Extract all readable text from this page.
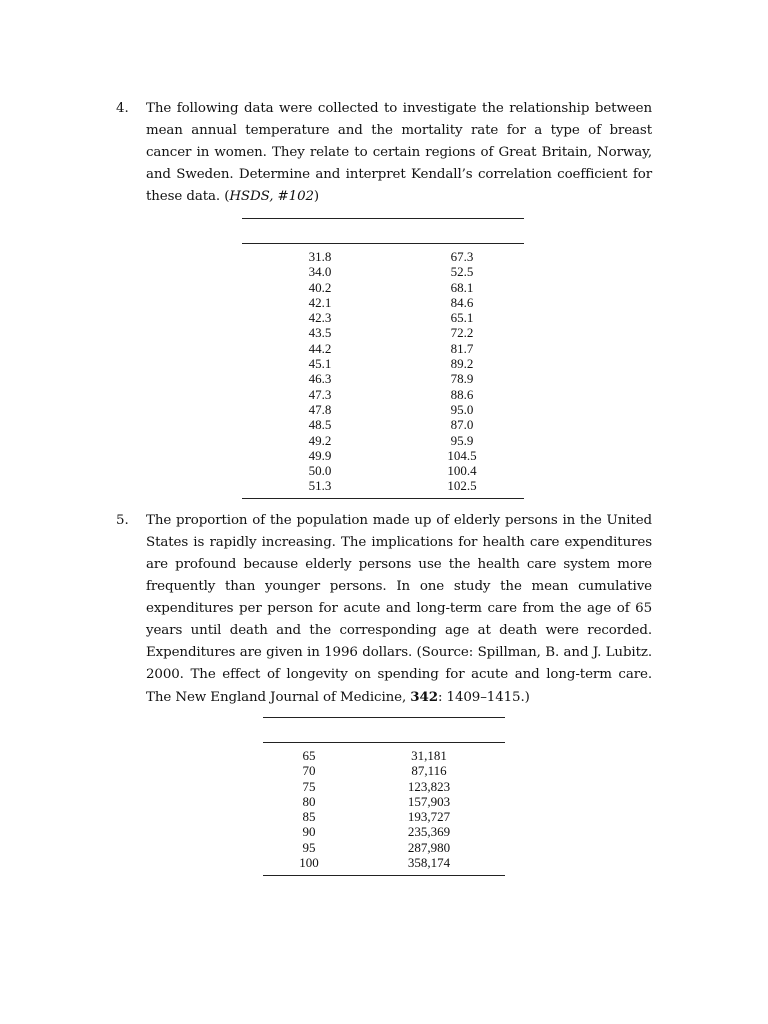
4. The following data were collected to investigate the relationship between mean annual temperature and the mortality rate for a type of breast cancer in women. They relate to certain regions of Great Britain, Norway, and Sweden. Determine and interpret Kendall’s correlation coefficient for these data. (HSDS, #102)
31.8	67.3
34.0	52.5
40.2	68.1
42.1	84.6
42.3	65.1
43.5	72.2
44.2	81.7
45.1	89.2
46.3	78.9
47.3	88.6
47.8	95.0
48.5	87.0
49.2	95.9
49.9	104.5
50.0	100.4
51.3	102.5
5. The proportion of the population made up of elderly persons in the United States is rapidly increasing. The implications for health care expenditures are profound because elderly persons use the health care system more frequently than younger persons. In one study the mean cumulative expenditures per person for acute and long-term care from the age of 65 years until death and the corresponding age at death were recorded. Expenditures are given in 1996 dollars. (Source: Spillman, B. and J. Lubitz. 2000. The effect of longevity on spending for acute and long-term care. The New England Journal of Medicine, 342: 1409–1415.)
65	31,181
70	87,116
75	123,823
80	157,903
85	193,727
90	235,369
95	287,980
100	358,174
